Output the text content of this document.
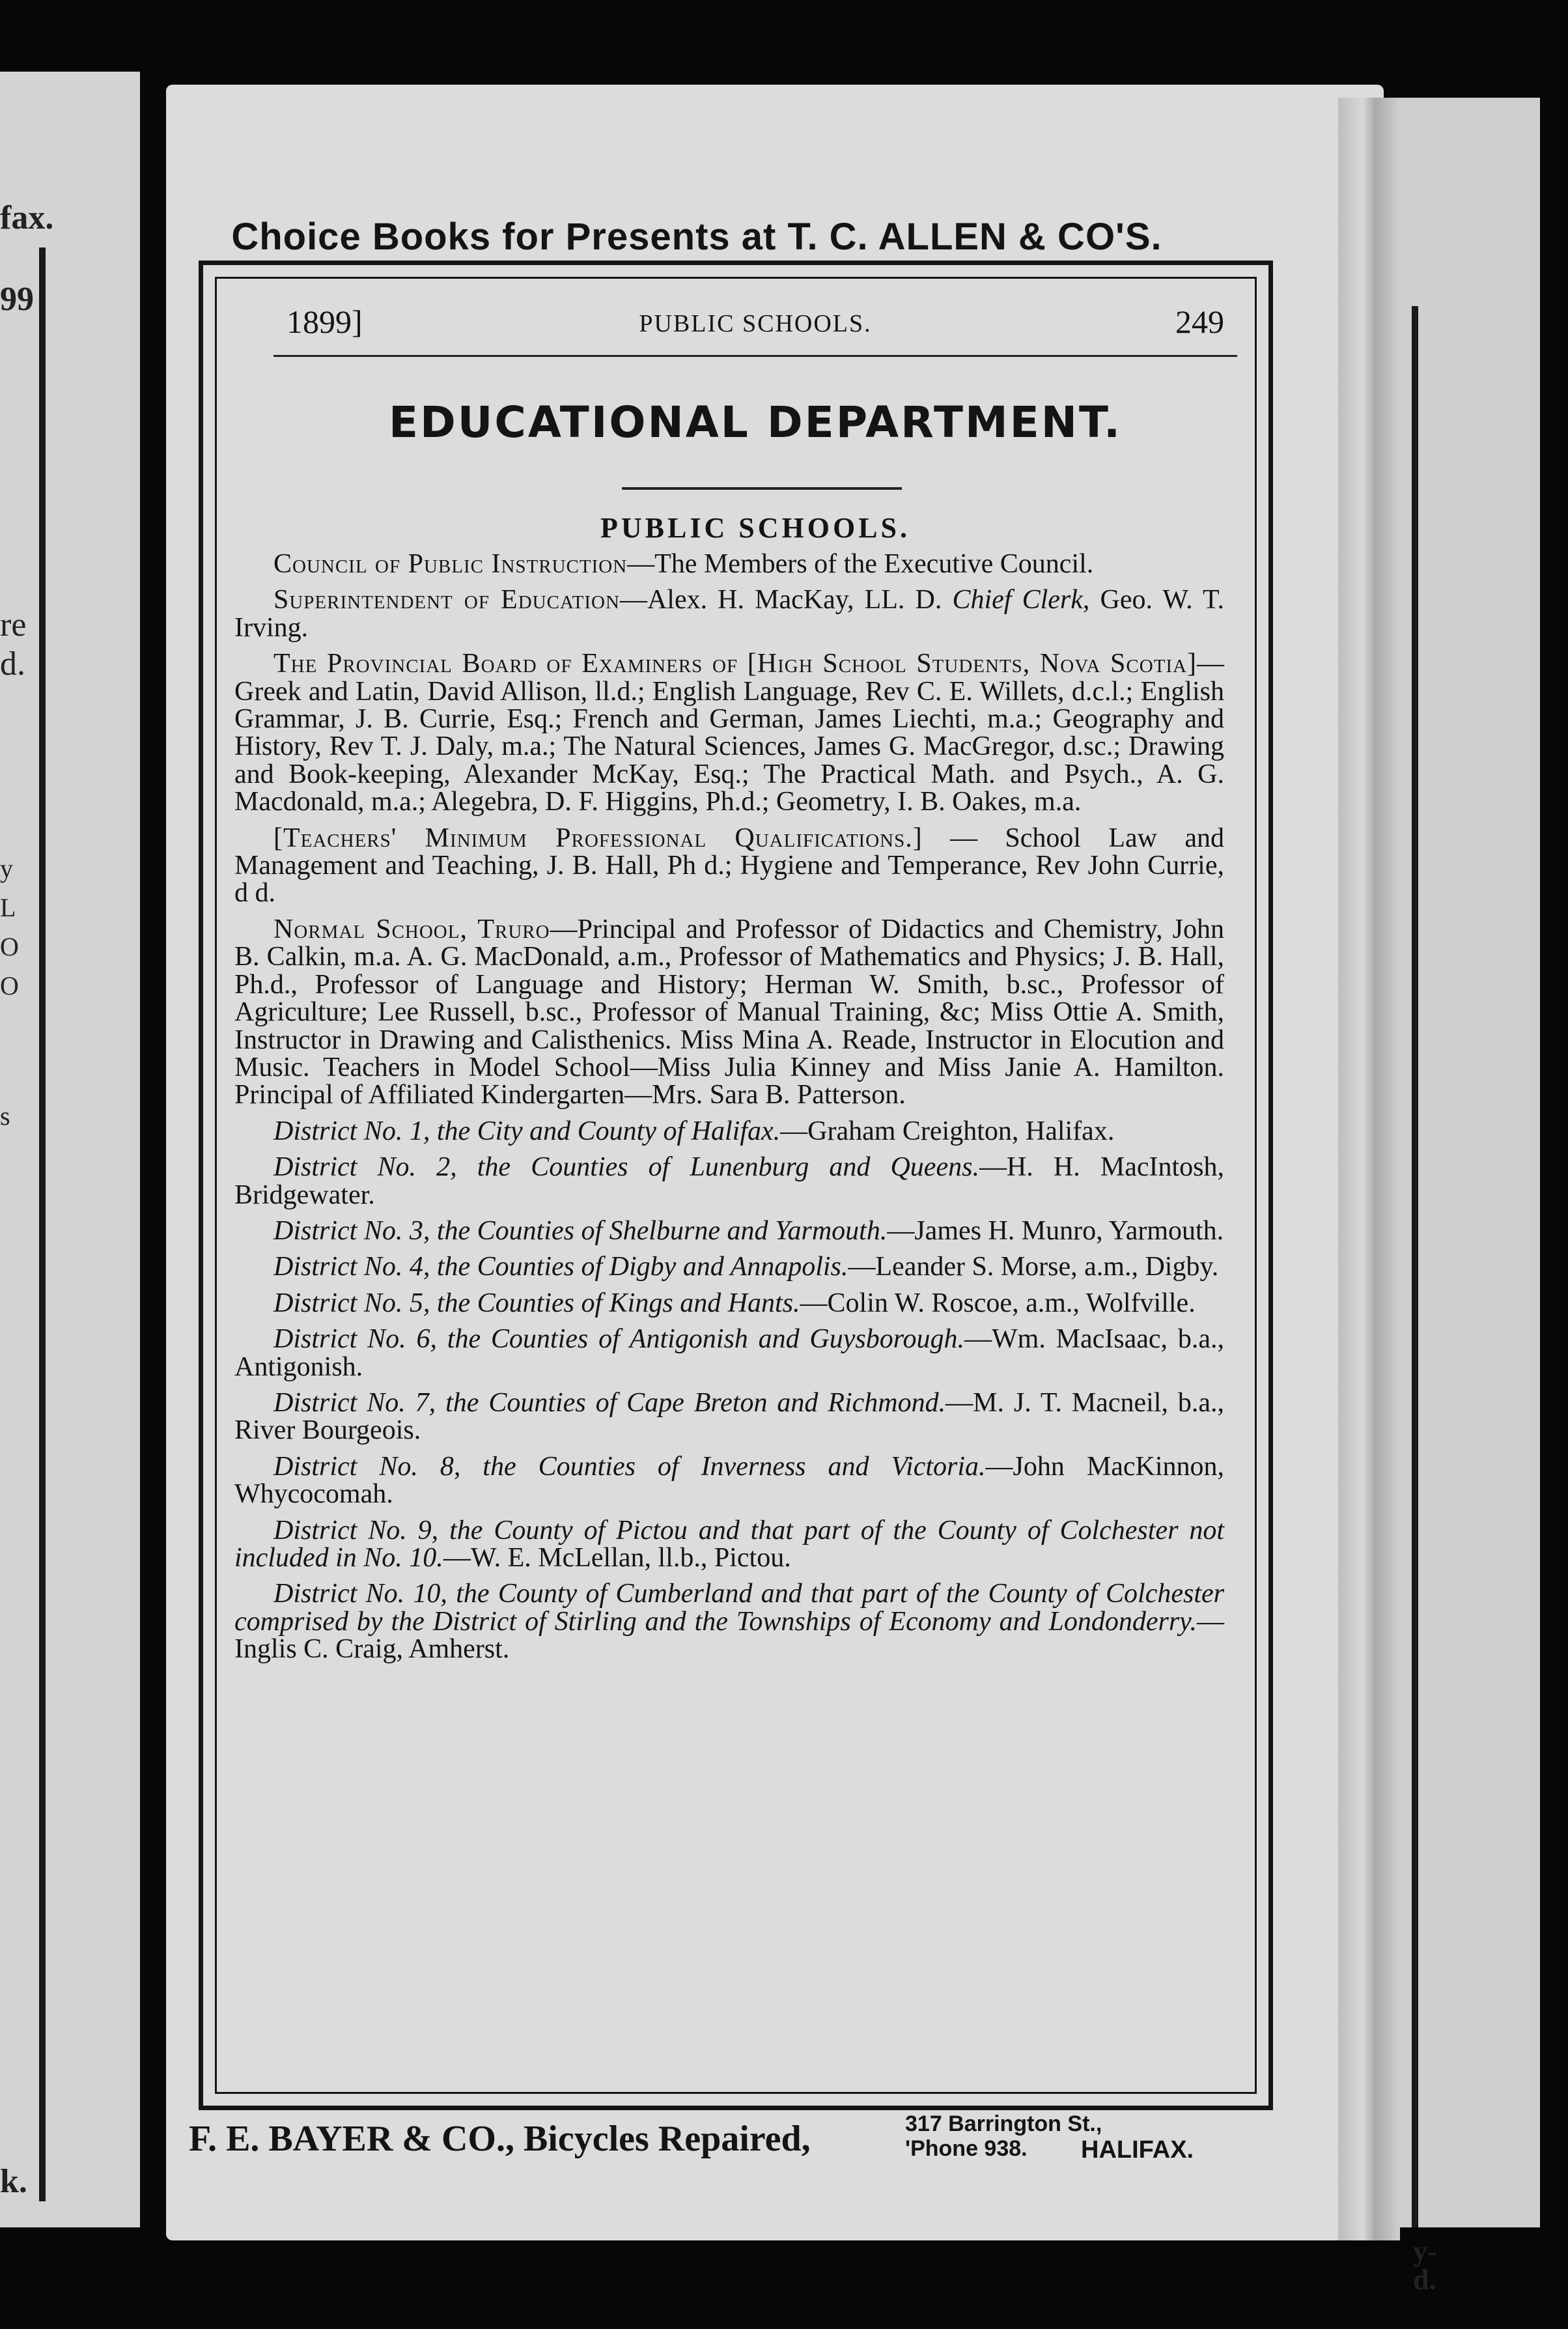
fax.
99
re
d.
y
L
O
O
s
k.
y-
d.
Choice Books for Presents at T. C. ALLEN & CO'S.
1899]	PUBLIC SCHOOLS.	249
EDUCATIONAL DEPARTMENT.
PUBLIC SCHOOLS.

Council of Public Instruction—The Members of the Executive Council.

Superintendent of Education—Alex. H. MacKay, LL. D. Chief Clerk, Geo. W. T. Irving.

The Provincial Board of Examiners of [High School Students, Nova Scotia]—Greek and Latin, David Allison, ll.d.; English Language, Rev C. E. Willets, d.c.l.; English Grammar, J. B. Currie, Esq.; French and German, James Liechti, m.a.; Geography and History, Rev T. J. Daly, m.a.; The Natural Sciences, James G. MacGregor, d.sc.; Drawing and Book-keeping, Alexander McKay, Esq.; The Practical Math. and Psych., A. G. Macdonald, m.a.; Alegebra, D. F. Higgins, Ph.d.; Geometry, I. B. Oakes, m.a.

[Teachers' Minimum Professional Qualifications.] — School Law and Management and Teaching, J. B. Hall, Ph d.; Hygiene and Temperance, Rev John Currie, d d.

Normal School, Truro—Principal and Professor of Didactics and Chemistry, John B. Calkin, m.a. A. G. MacDonald, a.m., Professor of Mathematics and Physics; J. B. Hall, Ph.d., Professor of Language and History; Herman W. Smith, b.sc., Professor of Agriculture; Lee Russell, b.sc., Professor of Manual Training, &c; Miss Ottie A. Smith, Instructor in Drawing and Calisthenics. Miss Mina A. Reade, Instructor in Elocution and Music. Teachers in Model School—Miss Julia Kinney and Miss Janie A. Hamilton. Principal of Affiliated Kindergarten—Mrs. Sara B. Patterson.

District No. 1, the City and County of Halifax.—Graham Creighton, Halifax.

District No. 2, the Counties of Lunenburg and Queens.—H. H. MacIntosh, Bridgewater.

District No. 3, the Counties of Shelburne and Yarmouth.—James H. Munro, Yarmouth.

District No. 4, the Counties of Digby and Annapolis.—Leander S. Morse, a.m., Digby.

District No. 5, the Counties of Kings and Hants.—Colin W. Roscoe, a.m., Wolfville.

District No. 6, the Counties of Antigonish and Guysborough.—Wm. MacIsaac, b.a., Antigonish.

District No. 7, the Counties of Cape Breton and Richmond.—M. J. T. Macneil, b.a., River Bourgeois.

District No. 8, the Counties of Inverness and Victoria.—John MacKinnon, Whycocomah.

District No. 9, the County of Pictou and that part of the County of Colchester not included in No. 10.—W. E. McLellan, ll.b., Pictou.

District No. 10, the County of Cumberland and that part of the County of Colchester comprised by the District of Stirling and the Townships of Economy and Londonderry.—Inglis C. Craig, Amherst.

F. E. BAYER & CO., Bicycles Repaired,	317 Barrington St.,
'Phone 938.	HALIFAX.
